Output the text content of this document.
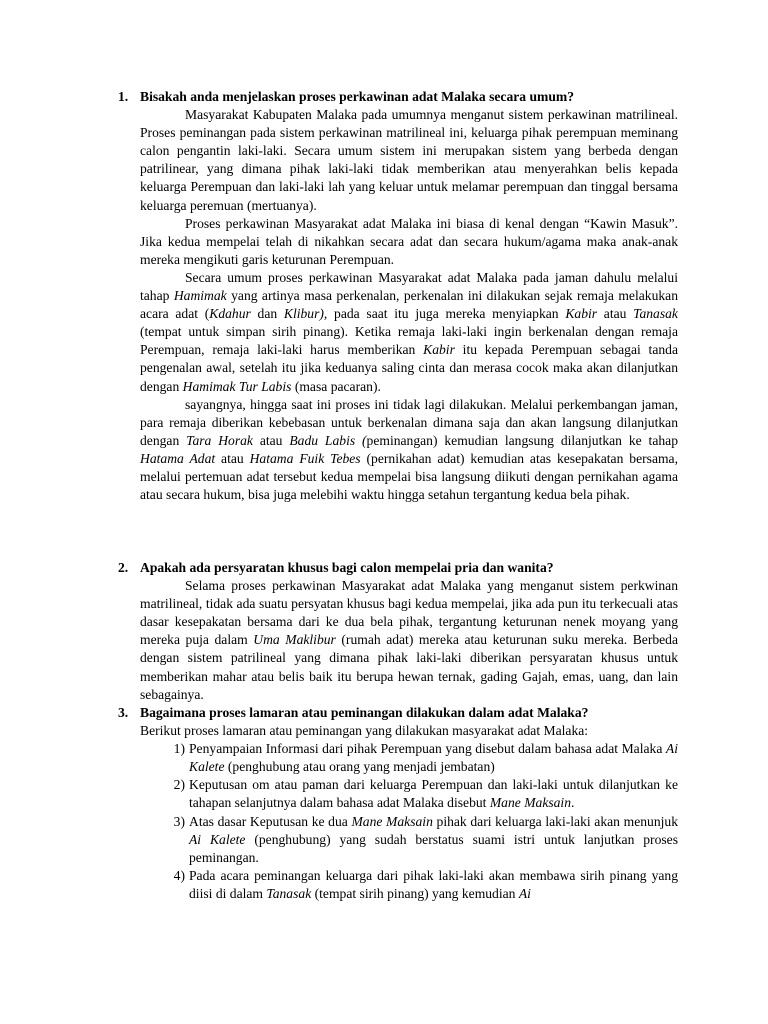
1. Bisakah anda menjelaskan proses perkawinan adat Malaka secara umum?

Masyarakat Kabupaten Malaka pada umumnya menganut sistem perkawinan matrilineal. Proses peminangan pada sistem perkawinan matrilineal ini, keluarga pihak perempuan meminang calon pengantin laki-laki. Secara umum sistem ini merupakan sistem yang berbeda dengan patrilinear, yang dimana pihak laki-laki tidak memberikan atau menyerahkan belis kepada keluarga Perempuan dan laki-laki lah yang keluar untuk melamar perempuan dan tinggal bersama keluarga peremuan (mertuanya).

Proses perkawinan Masyarakat adat Malaka ini biasa di kenal dengan “Kawin Masuk”. Jika kedua mempelai telah di nikahkan secara adat dan secara hukum/agama maka anak-anak mereka mengikuti garis keturunan Perempuan.

Secara umum proses perkawinan Masyarakat adat Malaka pada jaman dahulu melalui tahap Hamimak yang artinya masa perkenalan, perkenalan ini dilakukan sejak remaja melakukan acara adat (Kdahur dan Klibur), pada saat itu juga mereka menyiapkan Kabir atau Tanasak (tempat untuk simpan sirih pinang). Ketika remaja laki-laki ingin berkenalan dengan remaja Perempuan, remaja laki-laki harus memberikan Kabir itu kepada Perempuan sebagai tanda pengenalan awal, setelah itu jika keduanya saling cinta dan merasa cocok maka akan dilanjutkan dengan Hamimak Tur Labis (masa pacaran).

sayangnya, hingga saat ini proses ini tidak lagi dilakukan. Melalui perkembangan jaman, para remaja diberikan kebebasan untuk berkenalan dimana saja dan akan langsung dilanjutkan dengan Tara Horak atau Badu Labis (peminangan) kemudian langsung dilanjutkan ke tahap Hatama Adat atau Hatama Fuik Tebes (pernikahan adat) kemudian atas kesepakatan bersama, melalui pertemuan adat tersebut kedua mempelai bisa langsung diikuti dengan pernikahan agama atau secara hukum, bisa juga melebihi waktu hingga setahun tergantung kedua bela pihak.

2. Apakah ada persyaratan khusus bagi calon mempelai pria dan wanita?

Selama proses perkawinan Masyarakat adat Malaka yang menganut sistem perkwinan matrilineal, tidak ada suatu persyatan khusus bagi kedua mempelai, jika ada pun itu terkecuali atas dasar kesepakatan bersama dari ke dua bela pihak, tergantung keturunan nenek moyang yang mereka puja dalam Uma Maklibur (rumah adat) mereka atau keturunan suku mereka. Berbeda dengan sistem patrilineal yang dimana pihak laki-laki diberikan persyaratan khusus untuk memberikan mahar atau belis baik itu berupa hewan ternak, gading Gajah, emas, uang, dan lain sebagainya.

3. Bagaimana proses lamaran atau peminangan dilakukan dalam adat Malaka?

Berikut proses lamaran atau peminangan yang dilakukan masyarakat adat Malaka:

1) Penyampaian Informasi dari pihak Perempuan yang disebut dalam bahasa adat Malaka Ai Kalete (penghubung atau orang yang menjadi jembatan)
2) Keputusan om atau paman dari keluarga Perempuan dan laki-laki untuk dilanjutkan ke tahapan selanjutnya dalam bahasa adat Malaka disebut Mane Maksain.
3) Atas dasar Keputusan ke dua Mane Maksain pihak dari keluarga laki-laki akan menunjuk Ai Kalete (penghubung) yang sudah berstatus suami istri untuk lanjutkan proses peminangan.
4) Pada acara peminangan keluarga dari pihak laki-laki akan membawa sirih pinang yang diisi di dalam Tanasak (tempat sirih pinang) yang kemudian Ai
